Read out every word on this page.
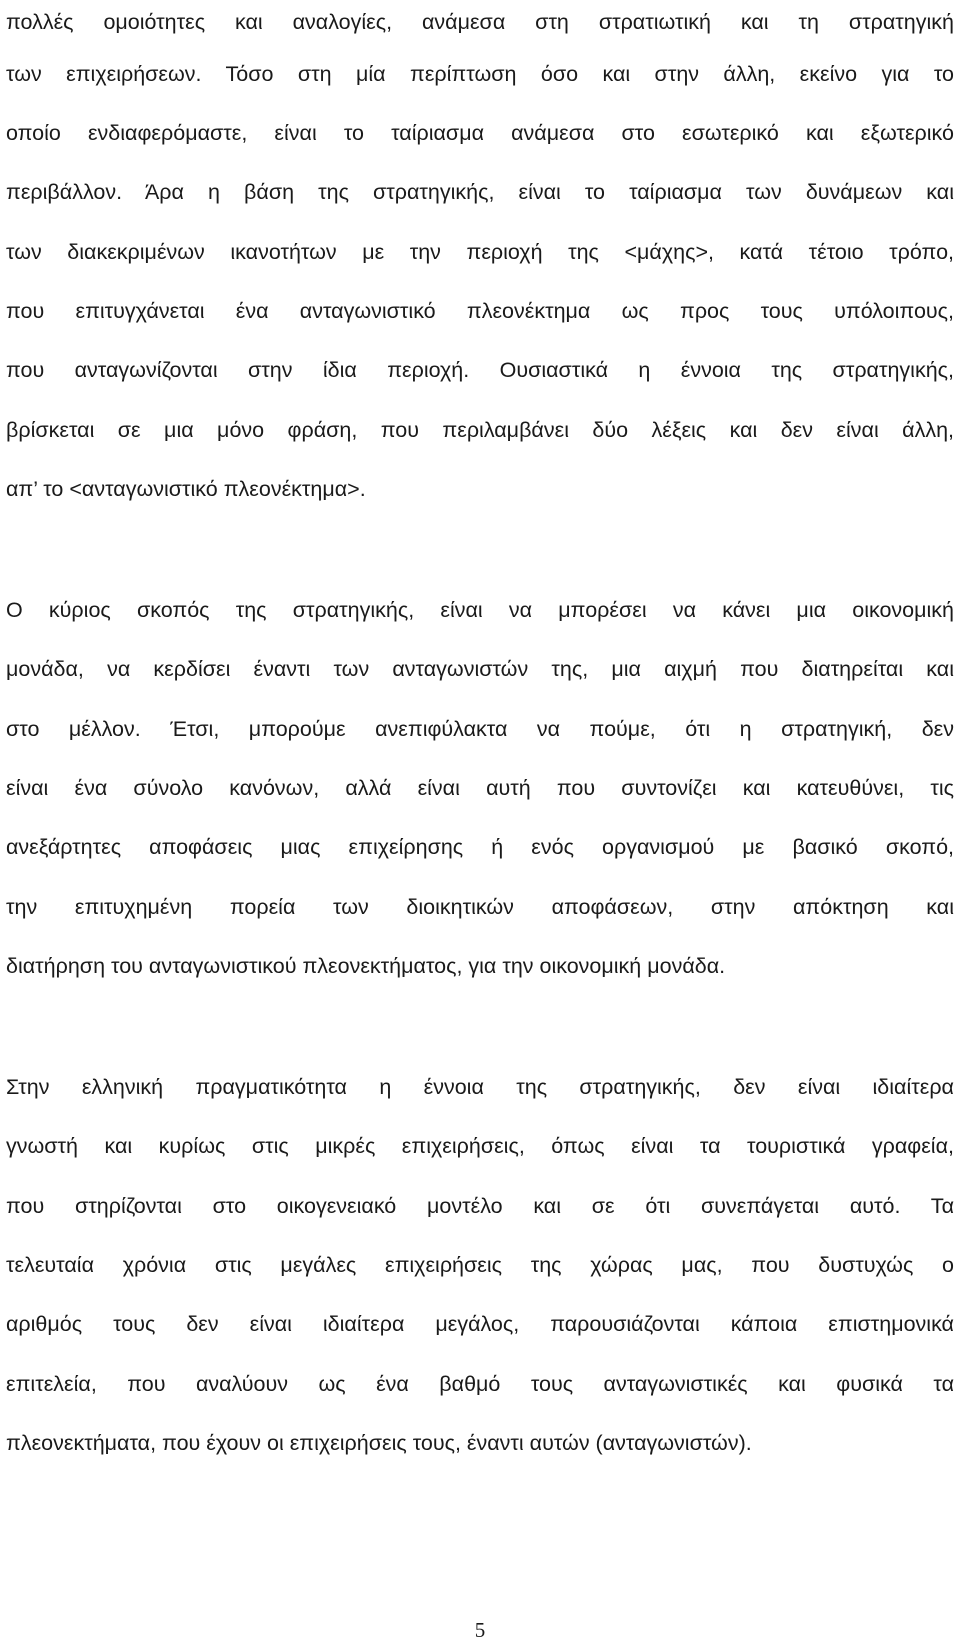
πολλές ομοιότητες και αναλογίες, ανάμεσα στη στρατιωτική και τη στρατηγική
των επιχειρήσεων. Τόσο στη μία περίπτωση όσο και στην άλλη, εκείνο για το
οποίο ενδιαφερόμαστε, είναι το ταίριασμα ανάμεσα στο εσωτερικό και εξωτερικό
περιβάλλον. Άρα η βάση της στρατηγικής, είναι το ταίριασμα των δυνάμεων και
των διακεκριμένων ικανοτήτων με την περιοχή της <μάχης>, κατά τέτοιο τρόπο,
που επιτυγχάνεται ένα ανταγωνιστικό πλεονέκτημα ως προς τους υπόλοιπους,
που ανταγωνίζονται στην ίδια περιοχή. Ουσιαστικά η έννοια της στρατηγικής,
βρίσκεται σε μια μόνο φράση, που περιλαμβάνει δύο λέξεις και δεν είναι άλλη,
απ’ το <ανταγωνιστικό πλεονέκτημα>.
Ο κύριος σκοπός της στρατηγικής, είναι να μπορέσει να κάνει μια οικονομική
μονάδα, να κερδίσει έναντι των ανταγωνιστών της, μια αιχμή που διατηρείται και
στο μέλλον. Έτσι, μπορούμε ανεπιφύλακτα να πούμε, ότι η στρατηγική, δεν
είναι ένα σύνολο κανόνων, αλλά είναι αυτή που συντονίζει και κατευθύνει, τις
ανεξάρτητες αποφάσεις μιας επιχείρησης ή ενός οργανισμού με βασικό σκοπό,
την επιτυχημένη πορεία των διοικητικών αποφάσεων, στην απόκτηση και
διατήρηση του ανταγωνιστικού πλεονεκτήματος, για την οικονομική μονάδα.
Στην ελληνική πραγματικότητα η έννοια της στρατηγικής, δεν είναι ιδιαίτερα
γνωστή και κυρίως στις μικρές επιχειρήσεις, όπως είναι τα τουριστικά γραφεία,
που στηρίζονται στο οικογενειακό μοντέλο και σε ότι συνεπάγεται αυτό. Τα
τελευταία χρόνια στις μεγάλες επιχειρήσεις της χώρας μας, που δυστυχώς ο
αριθμός τους δεν είναι ιδιαίτερα μεγάλος, παρουσιάζονται κάποια επιστημονικά
επιτελεία, που αναλύουν ως ένα βαθμό τους ανταγωνιστικές και φυσικά τα
πλεονεκτήματα, που έχουν οι επιχειρήσεις τους, έναντι αυτών (ανταγωνιστών).
5
